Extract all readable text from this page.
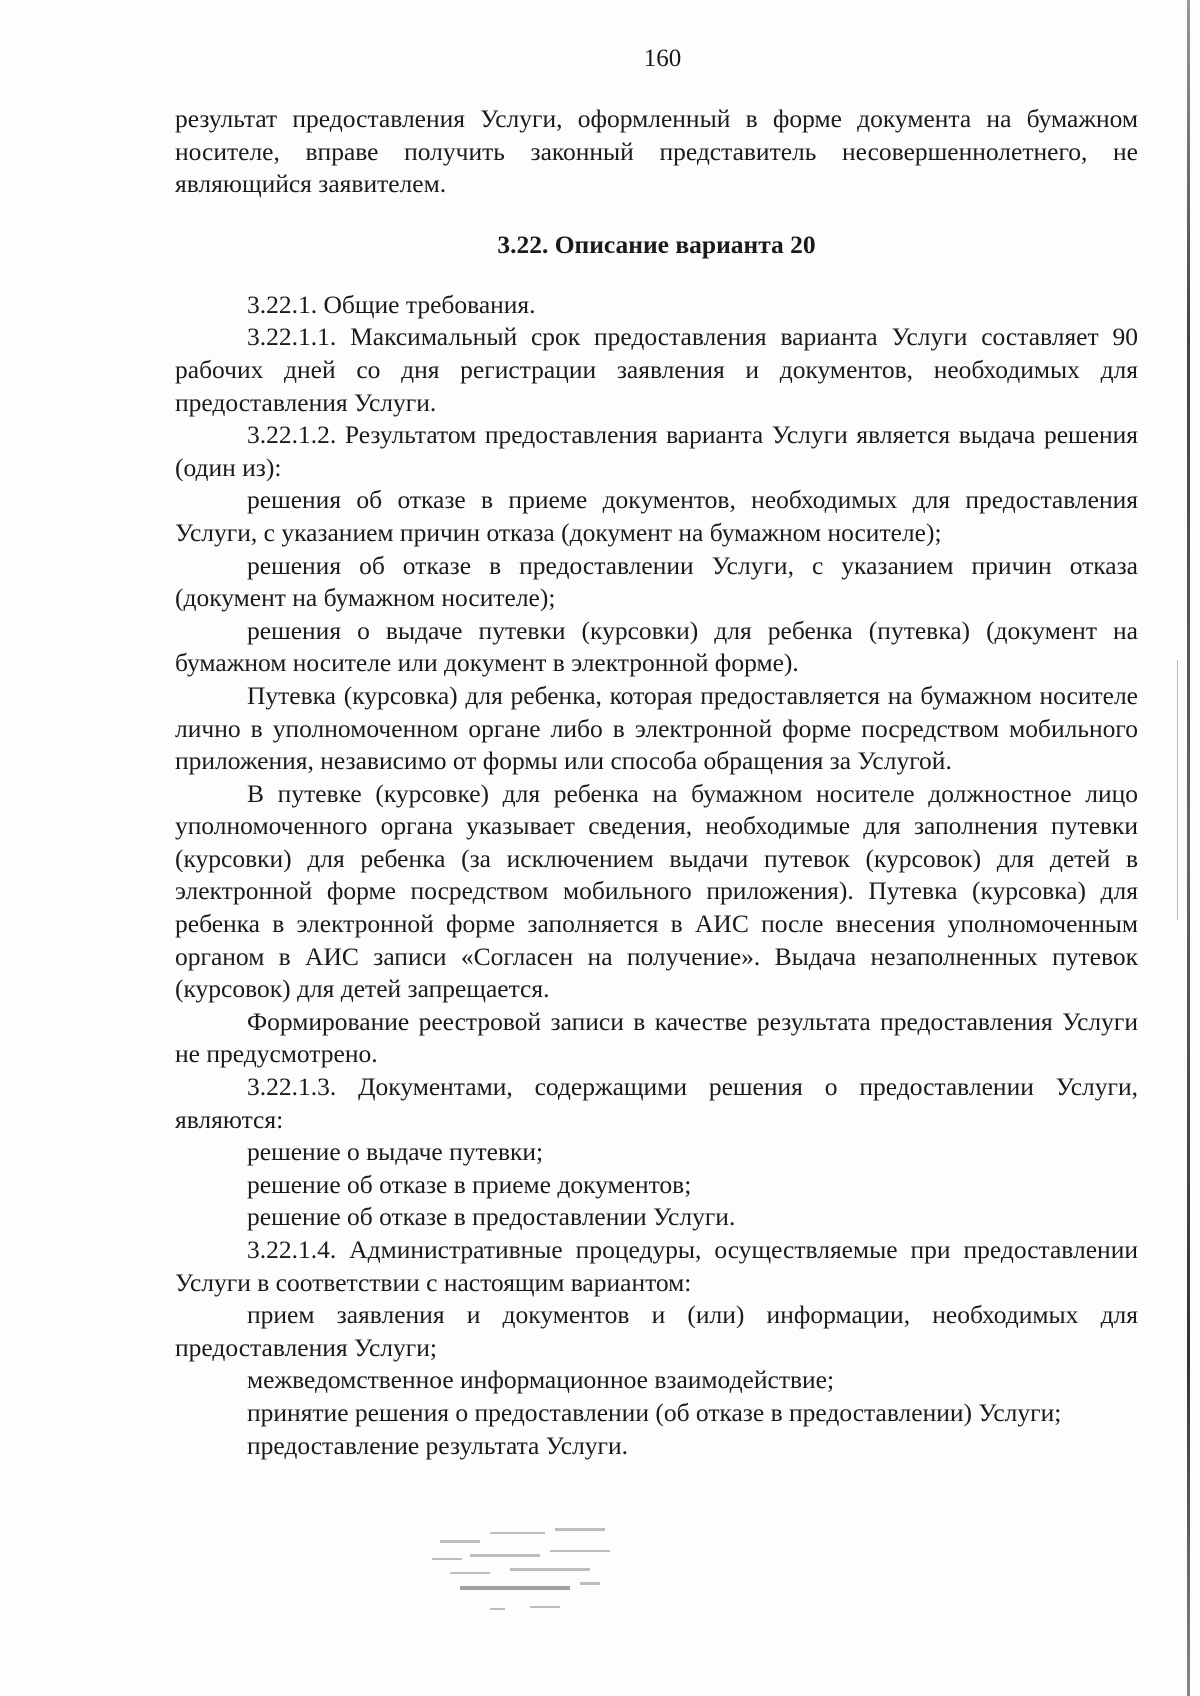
160

результат предоставления Услуги, оформленный в форме документа на бумажном носителе, вправе получить законный представитель несовершеннолетнего, не являющийся заявителем.

3.22. Описание варианта 20

3.22.1. Общие требования.

3.22.1.1. Максимальный срок предоставления варианта Услуги составляет 90 рабочих дней со дня регистрации заявления и документов, необходимых для предоставления Услуги.

3.22.1.2. Результатом предоставления варианта Услуги является выдача решения (один из):

решения об отказе в приеме документов, необходимых для предоставления Услуги, с указанием причин отказа (документ на бумажном носителе);

решения об отказе в предоставлении Услуги, с указанием причин отказа (документ на бумажном носителе);

решения о выдаче путевки (курсовки) для ребенка (путевка) (документ на бумажном носителе или документ в электронной форме).

Путевка (курсовка) для ребенка, которая предоставляется на бумажном носителе лично в уполномоченном органе либо в электронной форме посредством мобильного приложения, независимо от формы или способа обращения за Услугой.

В путевке (курсовке) для ребенка на бумажном носителе должностное лицо уполномоченного органа указывает сведения, необходимые для заполнения путевки (курсовки) для ребенка (за исключением выдачи путевок (курсовок) для детей в электронной форме посредством мобильного приложения). Путевка (курсовка) для ребенка в электронной форме заполняется в АИС после внесения уполномоченным органом в АИС записи «Согласен на получение». Выдача незаполненных путевок (курсовок) для детей запрещается.

Формирование реестровой записи в качестве результата предоставления Услуги не предусмотрено.

3.22.1.3. Документами, содержащими решения о предоставлении Услуги, являются:

решение о выдаче путевки;

решение об отказе в приеме документов;

решение об отказе в предоставлении Услуги.

3.22.1.4. Административные процедуры, осуществляемые при предоставлении Услуги в соответствии с настоящим вариантом:

прием заявления и документов и (или) информации, необходимых для предоставления Услуги;

межведомственное информационное взаимодействие;

принятие решения о предоставлении (об отказе в предоставлении) Услуги;

предоставление результата Услуги.
